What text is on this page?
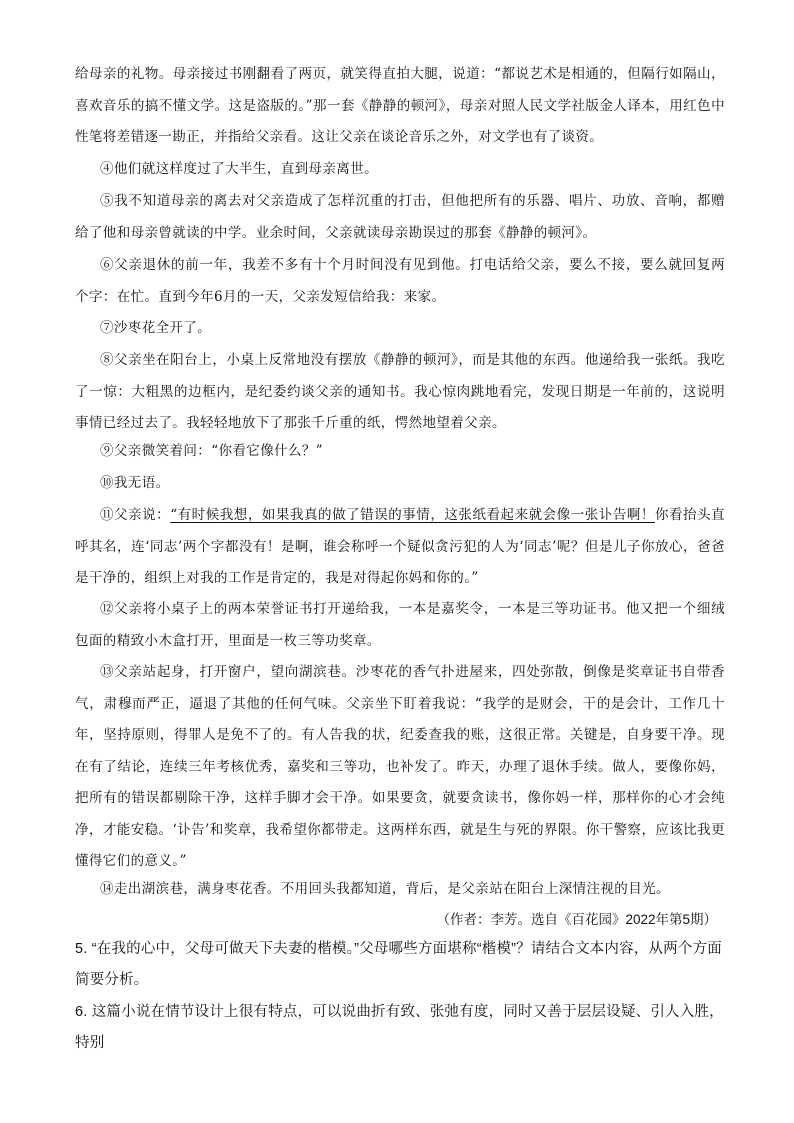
给母亲的礼物。母亲接过书刚翻看了两页，就笑得直拍大腿，说道：“都说艺术是相通的，但隔行如隔山，喜欢音乐的搞不懂文学。这是盗版的。”那一套《静静的顿河》，母亲对照人民文学社版金人译本，用红色中性笔将差错逐一勘正，并指给父亲看。这让父亲在谈论音乐之外，对文学也有了谈资。
④他们就这样度过了大半生，直到母亲离世。
⑤我不知道母亲的离去对父亲造成了怎样沉重的打击，但他把所有的乐器、唱片、功放、音响，都赠给了他和母亲曾就读的中学。业余时间，父亲就读母亲勘误过的那套《静静的顿河》。
⑥父亲退休的前一年，我差不多有十个月时间没有见到他。打电话给父亲，要么不接，要么就回复两个字：在忙。直到今年6月的一天，父亲发短信给我：来家。
⑦沙枣花全开了。
⑧父亲坐在阳台上，小桌上反常地没有摆放《静静的顿河》，而是其他的东西。他递给我一张纸。我吃了一惊：大粗黑的边框内，是纪委约谈父亲的通知书。我心惊肉跳地看完，发现日期是一年前的，这说明事情已经过去了。我轻轻地放下了那张千斤重的纸，愕然地望着父亲。
⑨父亲微笑着问：“你看它像什么？”
⑩我无语。
⑪父亲说：“有时候我想，如果我真的做了错误的事情，这张纸看起来就会像一张讣告啊！你看抬头直呼其名，连‘同志’两个字都没有！是啊，谁会称呼一个疑似贪污犯的人为‘同志’呢？但是儿子你放心，爸爸是干净的，组织上对我的工作是肯定的，我是对得起你妈和你的。”
⑫父亲将小桌子上的两本荣誉证书打开递给我，一本是嘉奖令，一本是三等功证书。他又把一个细绒包面的精致小木盒打开，里面是一枚三等功奖章。
⑬父亲站起身，打开窗户，望向湖滨巷。沙枣花的香气扑进屋来，四处弥散，倒像是奖章证书自带香气，肃穆而严正，逼退了其他的任何气味。父亲坐下盯着我说：“我学的是财会，干的是会计，工作几十年，坚持原则，得罪人是免不了的。有人告我的状，纪委查我的账，这很正常。关键是，自身要干净。现在有了结论，连续三年考核优秀，嘉奖和三等功，也补发了。昨天，办理了退休手续。做人，要像你妈，把所有的错误都剔除干净，这样手脚才会干净。如果要贪，就要贪读书，像你妈一样，那样你的心才会纯净，才能安稳。‘讣告’和奖章，我希望你都带走。这两样东西，就是生与死的界限。你干警察，应该比我更懂得它们的意义。”
⑭走出湖滨巷，满身枣花香。不用回头我都知道，背后，是父亲站在阳台上深情注视的目光。
（作者：李芳。选自《百花园》2022年第5期）
5. “在我的心中，父母可做天下夫妻的楷模。”父母哪些方面堪称“楷模”？请结合文本内容，从两个方面简要分析。
6. 这篇小说在情节设计上很有特点，可以说曲折有致、张弛有度，同时又善于层层设疑、引人入胜，特别
